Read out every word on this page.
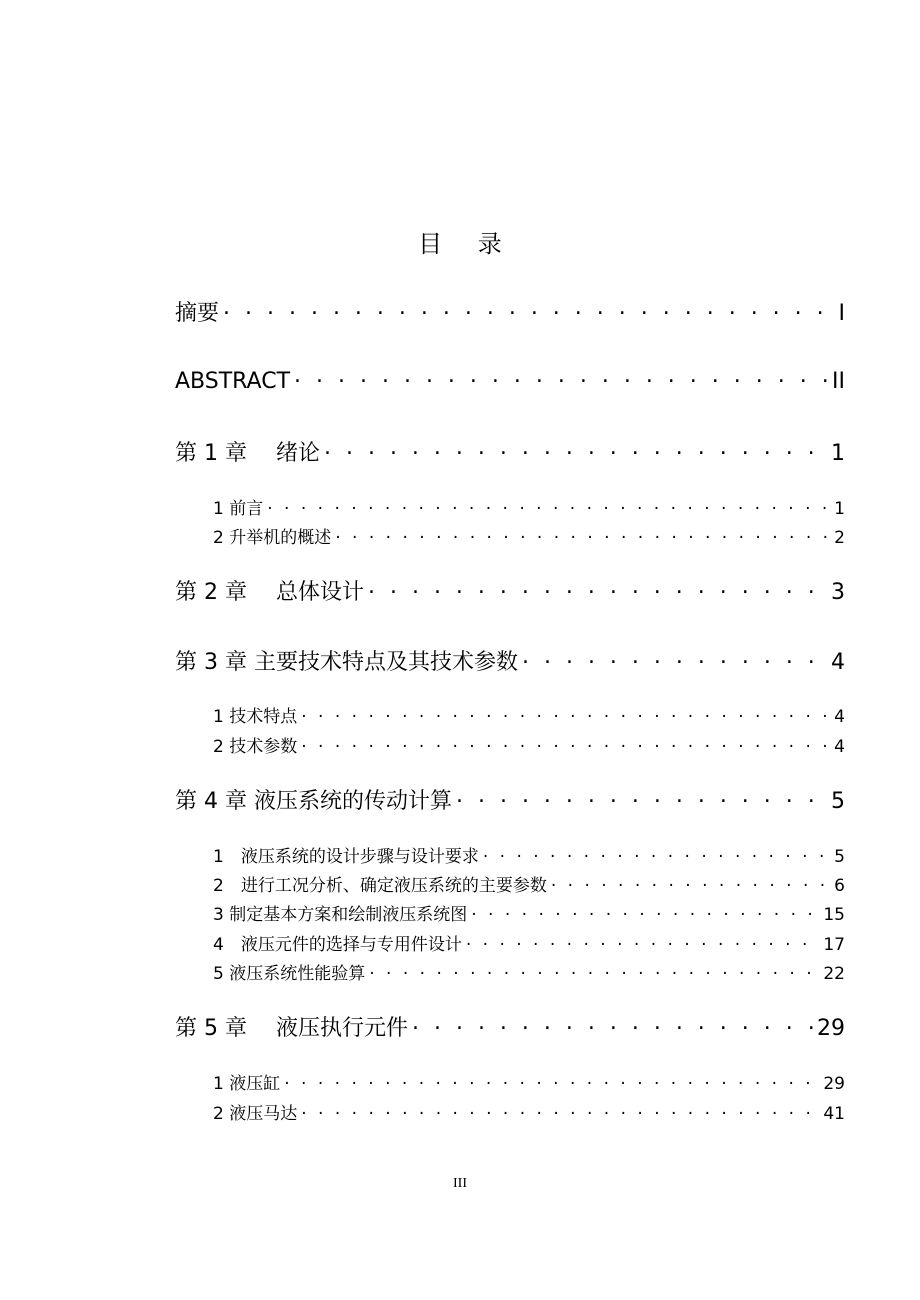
目 录
摘要 . . .	I
ABSTRACT . . .	II
第 1 章　 绪论 . . .	1
1 前言 . . .	1
2 升举机的概述 . . .	2
第 2 章　 总体设计 . . .	3
第 3 章 主要技术特点及其技术参数 . . .	4
1 技术特点 . . .	4
2 技术参数 . . .	4
第 4 章 液压系统的传动计算 . . .	5
1　液压系统的设计步骤与设计要求 . . .	5
2　进行工况分析、确定液压系统的主要参数 . . .	6
3 制定基本方案和绘制液压系统图 . . .	15
4　液压元件的选择与专用件设计 . . .	17
5 液压系统性能验算 . . .	22
第 5 章　 液压执行元件 . . .	29
1 液压缸 . . .	29
2 液压马达 . . .	41
III
